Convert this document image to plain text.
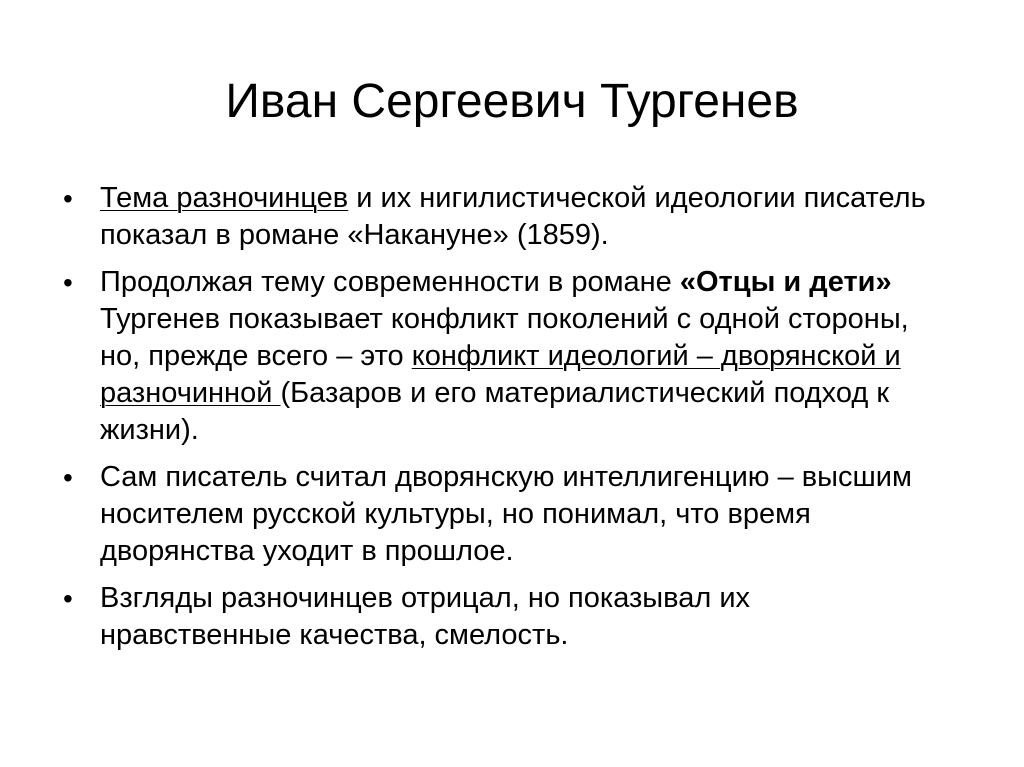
Иван Сергеевич Тургенев
• Тема разночинцев и их нигилистической идеологии писатель показал в романе «Накануне» (1859).
• Продолжая тему современности в романе «Отцы и дети» Тургенев показывает конфликт поколений с одной стороны, но, прежде всего – это конфликт идеологий – дворянской и разночинной (Базаров и его материалистический подход к жизни).
• Сам писатель считал дворянскую интеллигенцию – высшим носителем русской культуры, но понимал, что время дворянства уходит в прошлое.
• Взгляды разночинцев отрицал, но показывал их нравственные качества, смелость.
